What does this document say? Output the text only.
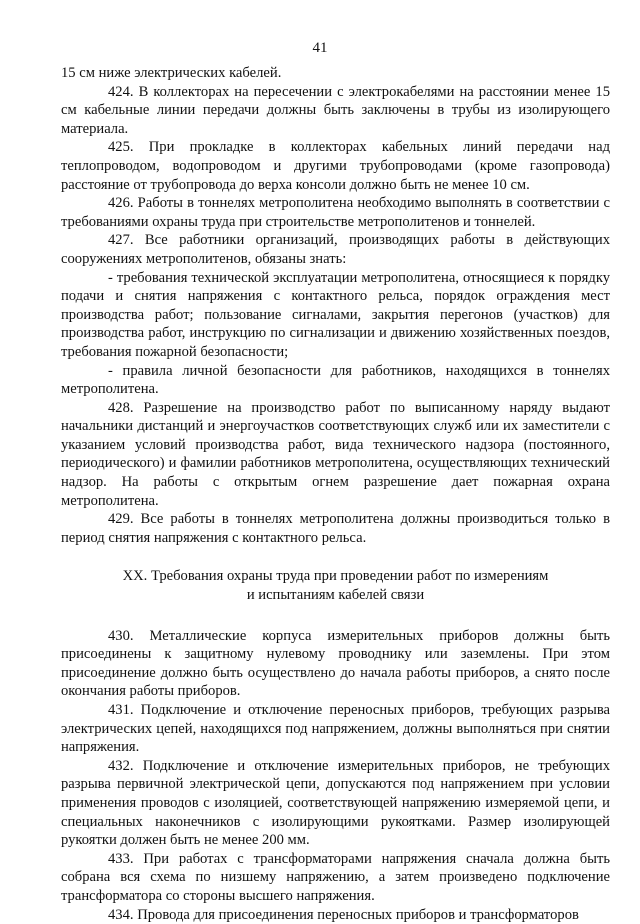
41

15 см ниже электрических кабелей.

424. В коллекторах на пересечении с электрокабелями на расстоянии менее 15 см кабельные линии передачи должны быть заключены в трубы из изолирующего материала.

425. При прокладке в коллекторах кабельных линий передачи над теплопроводом, водопроводом и другими трубопроводами (кроме газопровода) расстояние от трубопровода до верха консоли должно быть не менее 10 см.

426. Работы в тоннелях метрополитена необходимо выполнять в соответствии с требованиями охраны труда при строительстве метрополитенов и тоннелей.

427. Все работники организаций, производящих работы в действующих сооружениях метрополитенов, обязаны знать:

- требования технической эксплуатации метрополитена, относящиеся к порядку подачи и снятия напряжения с контактного рельса, порядок ограждения мест производства работ; пользование сигналами, закрытия перегонов (участков) для производства работ, инструкцию по сигнализации и движению хозяйственных поездов, требования пожарной безопасности;

- правила личной безопасности для работников, находящихся в тоннелях метрополитена.

428. Разрешение на производство работ по выписанному наряду выдают начальники дистанций и энергоучастков соответствующих служб или их заместители с указанием условий производства работ, вида технического надзора (постоянного, периодического) и фамилии работников метрополитена, осуществляющих технический надзор. На работы с открытым огнем разрешение дает пожарная охрана метрополитена.

429. Все работы в тоннелях метрополитена должны производиться только в период снятия напряжения с контактного рельса.

XX. Требования охраны труда при проведении работ по измерениям
и испытаниям кабелей связи

430. Металлические корпуса измерительных приборов должны быть присоединены к защитному нулевому проводнику или заземлены. При этом присоединение должно быть осуществлено до начала работы приборов, а снято после окончания работы приборов.

431. Подключение и отключение переносных приборов, требующих разрыва электрических цепей, находящихся под напряжением, должны выполняться при снятии напряжения.

432. Подключение и отключение измерительных приборов, не требующих разрыва первичной электрической цепи, допускаются под напряжением при условии применения проводов с изоляцией, соответствующей напряжению измеряемой цепи, и специальных наконечников с изолирующими рукоятками. Размер изолирующей рукоятки должен быть не менее 200 мм.

433. При работах с трансформаторами напряжения сначала должна быть собрана вся схема по низшему напряжению, а затем произведено подключение трансформатора со стороны высшего напряжения.

434. Провода для присоединения переносных приборов и трансформаторов
